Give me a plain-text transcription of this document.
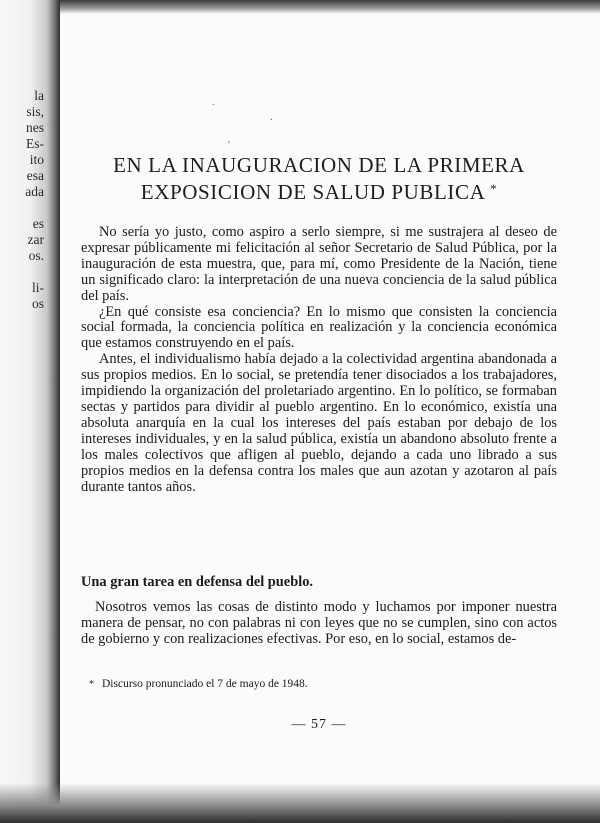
la
sis,
nes
Es-
ito
esa
ada
es
zar
os.
li-
os
.
.
'
EN LA INAUGURACION DE LA PRIMERA
EXPOSICION DE SALUD PUBLICA *

No sería yo justo, como aspiro a serlo siempre, si me sustrajera al deseo de expresar públicamente mi felicitación al señor Secretario de Salud Pública, por la inauguración de esta muestra, que, para mí, como Presidente de la Nación, tiene un significado claro: la interpretación de una nueva conciencia de la salud pública del país.

¿En qué consiste esa conciencia? En lo mismo que consisten la conciencia social formada, la conciencia política en realización y la conciencia económica que estamos construyendo en el país.

Antes, el individualismo había dejado a la colectividad argentina abandonada a sus propios medios. En lo social, se pretendía tener disociados a los trabajadores, impidiendo la organización del proletariado argentino. En lo político, se formaban sectas y partidos para dividir al pueblo argentino. En lo económico, existía una absoluta anarquía en la cual los intereses del país estaban por debajo de los intereses individuales, y en la salud pública, existía un abandono absoluto frente a los males colectivos que afligen al pueblo, dejando a cada uno librado a sus propios medios en la defensa contra los males que aun azotan y azotaron al país durante tantos años.

Una gran tarea en defensa del pueblo.

Nosotros vemos las cosas de distinto modo y luchamos por imponer nuestra manera de pensar, no con palabras ni con leyes que no se cumplen, sino con actos de gobierno y con realizaciones efectivas. Por eso, en lo social, estamos de-

* Discurso pronunciado el 7 de mayo de 1948.
— 57 —
